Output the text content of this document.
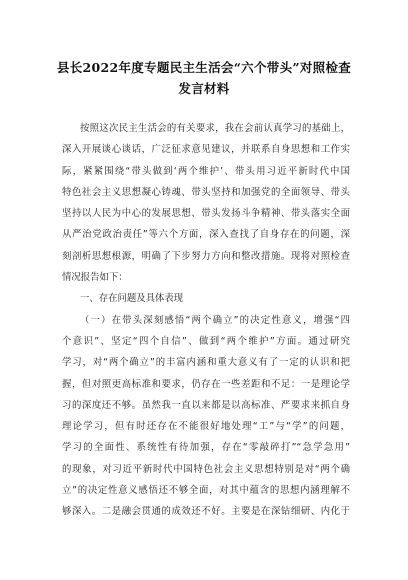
县长2022年度专题民主生活会“六个带头”对照检查
发言材料
按照这次民主生活会的有关要求，我在会前认真学习的基础上，
深入开展谈心谈话，广泛征求意见建议，并联系自身思想和工作实
际，紧紧围绕“带头做到‘两个维护’、带头用习近平新时代中国
特色社会主义思想凝心铸魂、带头坚持和加强党的全面领导、带头
坚持以人民为中心的发展思想、带头发扬斗争精神、带头落实全面
从严治党政治责任”等六个方面，深入查找了自身存在的问题，深
刻剖析思想根源，明确了下步努力方向和整改措施。现将对照检查
情况报告如下：
一、存在问题及具体表现
（一）在带头深刻感悟“两个确立”的决定性意义，增强“四
个意识”、坚定“四个自信”、做到“两个维护”方面。通过研究
学习，对“两个确立”的丰富内涵和重大意义有了一定的认识和把
握，但对照更高标准和要求，仍存在一些差距和不足：一是理论学
习的深度还不够。虽然我一直以来都是以高标准、严要求来抓自身
理论学习，但有时还存在不能很好地处理“工”与“学”的问题，
学习的全面性、系统性有待加强，存在“零敲碎打”“急学急用”
的现象，对习近平新时代中国特色社会主义思想特别是对“两个确
立”的决定性意义感悟还不够全面，对其中蕴含的思想内涵理解不
够深入。二是融会贯通的成效还不好。主要是在深钻细研、内化于
